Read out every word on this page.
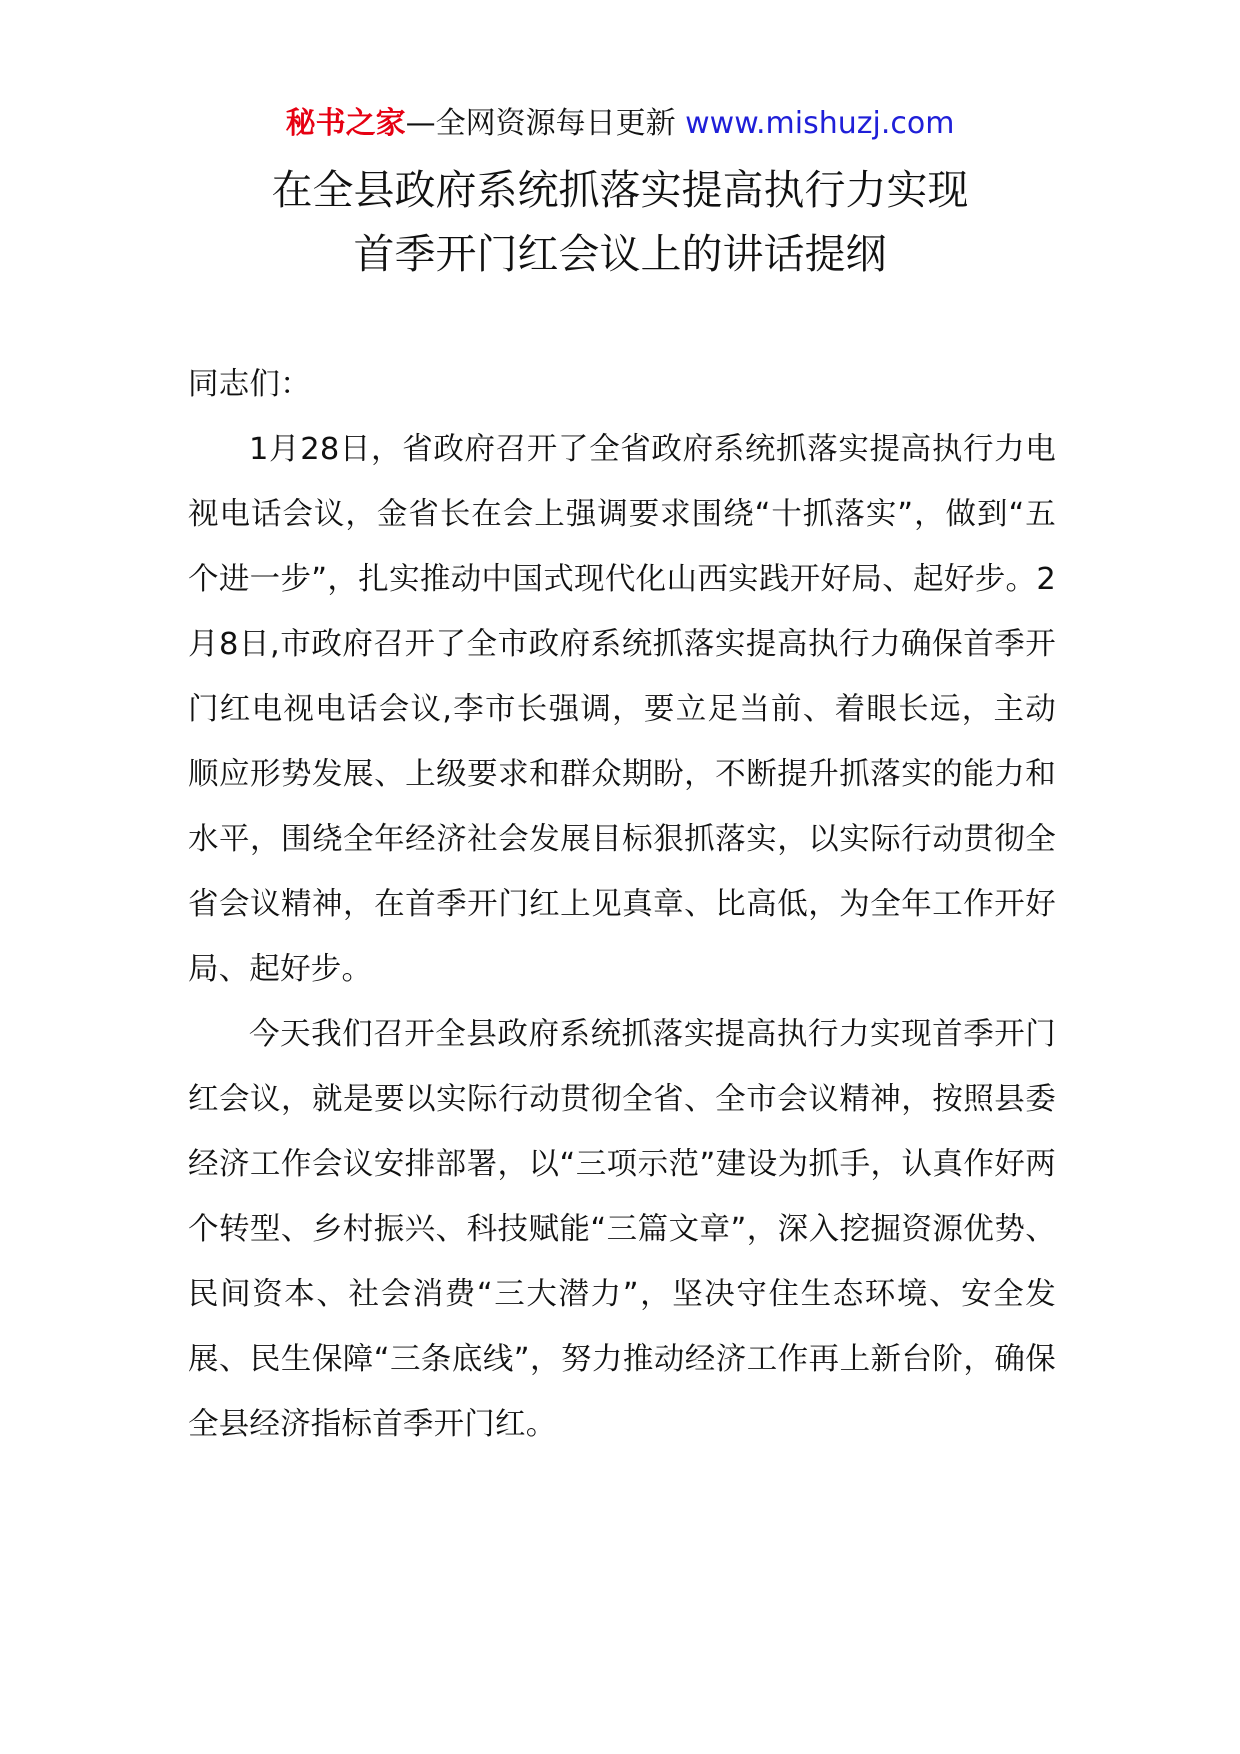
秘书之家—全网资源每日更新 www.mishuzj.com
在全县政府系统抓落实提高执行力实现
首季开门红会议上的讲话提纲

同志们：

1月28日，省政府召开了全省政府系统抓落实提高执行力电视电话会议，金省长在会上强调要求围绕“十抓落实”，做到“五个进一步”，扎实推动中国式现代化山西实践开好局、起好步。2月8日,市政府召开了全市政府系统抓落实提高执行力确保首季开门红电视电话会议,李市长强调，要立足当前、着眼长远，主动顺应形势发展、上级要求和群众期盼，不断提升抓落实的能力和水平，围绕全年经济社会发展目标狠抓落实，以实际行动贯彻全省会议精神，在首季开门红上见真章、比高低，为全年工作开好局、起好步。

今天我们召开全县政府系统抓落实提高执行力实现首季开门红会议，就是要以实际行动贯彻全省、全市会议精神，按照县委经济工作会议安排部署，以“三项示范”建设为抓手，认真作好两个转型、乡村振兴、科技赋能“三篇文章”，深入挖掘资源优势、民间资本、社会消费“三大潜力”，坚决守住生态环境、安全发展、民生保障“三条底线”，努力推动经济工作再上新台阶，确保全县经济指标首季开门红。
